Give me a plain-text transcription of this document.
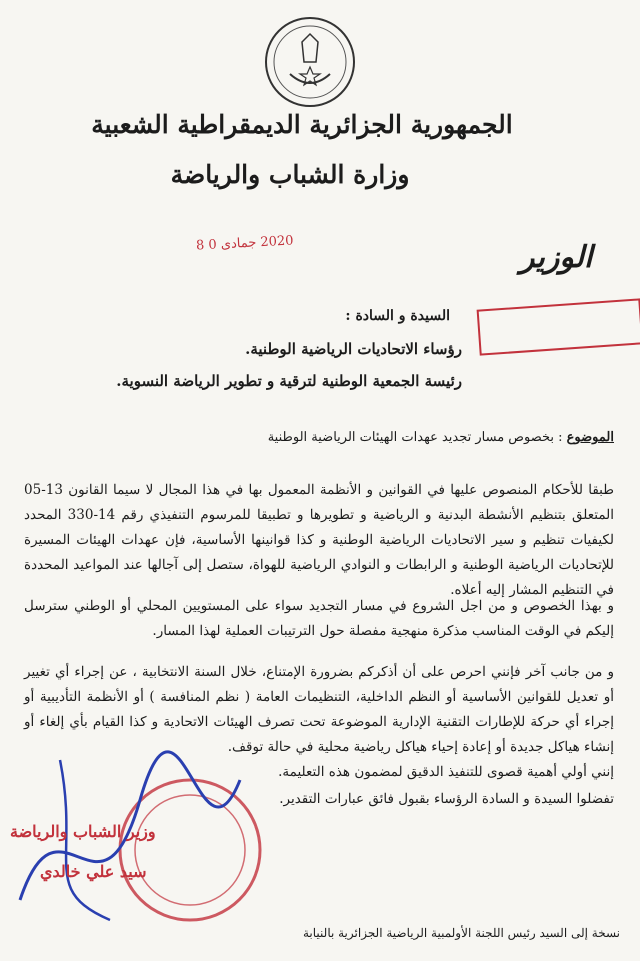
الجمهورية الجزائرية الديمقراطية الشعبية
وزارة الشباب والرياضة
2020 جمادى 0 8	الوزير
السيدة و السادة :
رؤساء الاتحاديات الرياضية الوطنية.
رئيسة الجمعية الوطنية لترقية و تطوير الرياضة النسوية.
الموضوع : بخصوص مسار تجديد عهدات الهيئات الرياضية الوطنية
طبقا للأحكام المنصوص عليها في القوانين و الأنظمة المعمول بها في هذا المجال لا سيما القانون 13-05 المتعلق بتنظيم الأنشطة البدنية و الرياضية و تطويرها و تطبيقا للمرسوم التنفيذي رقم 14-330 المحدد لكيفيات تنظيم و سير الاتحاديات الرياضية الوطنية و كذا قوانينها الأساسية، فإن عهدات الهيئات المسيرة للإتحاديات الرياضية الوطنية و الرابطات و النوادي الرياضية للهواة، ستصل إلى آجالها عند المواعيد المحددة في التنظيم المشار إليه أعلاه.
و بهذا الخصوص و من اجل الشروع في مسار التجديد سواء على المستويين المحلي أو الوطني سترسل إليكم في الوقت المناسب مذكرة منهجية مفصلة حول الترتيبات العملية لهذا المسار.
و من جانب آخر فإنني احرص على أن أذكركم بضرورة الإمتناع، خلال السنة الانتخابية ، عن إجراء أي تغيير أو تعديل للقوانين الأساسية أو النظم الداخلية، التنظيمات العامة ( نظم المنافسة ) أو الأنظمة التأديبية أو إجراء أي حركة للإطارات التقنية الإدارية الموضوعة تحت تصرف الهيئات الاتحادية و كذا القيام بأي إلغاء أو إنشاء هياكل جديدة أو إعادة إحياء هياكل رياضية محلية في حالة توقف.
إنني أولي أهمية قصوى للتنفيذ الدقيق لمضمون هذه التعليمة.
تفضلوا السيدة و السادة الرؤساء بقبول فائق عبارات التقدير.
وزير الشباب والرياضة
سيد علي خالدي
نسخة إلى السيد رئيس اللجنة الأولمبية الرياضية الجزائرية بالنيابة
